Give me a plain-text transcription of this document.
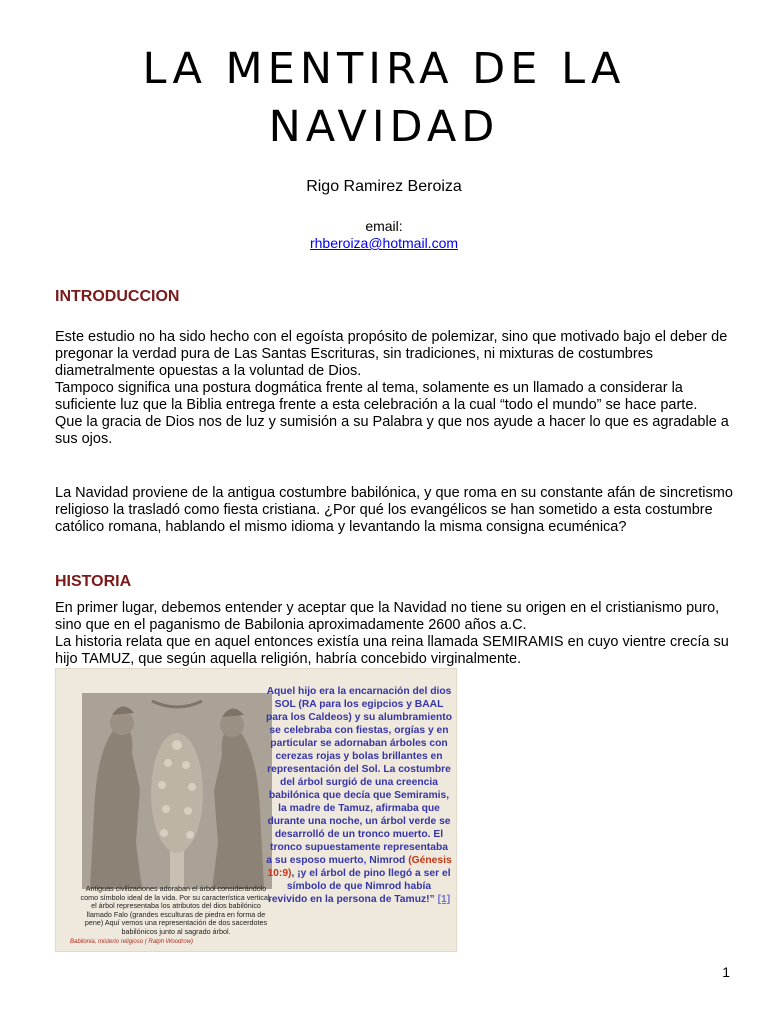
LA MENTIRA DE LA
NAVIDAD
Rigo Ramirez Beroiza
email:
rhberoiza@hotmail.com
INTRODUCCION

Este estudio no ha sido hecho con el egoísta propósito de polemizar, sino que motivado bajo el deber de pregonar la verdad pura de Las Santas Escrituras, sin tradiciones, ni mixturas de costumbres diametralmente opuestas a la voluntad de Dios.

Tampoco significa una postura dogmática frente al tema, solamente es un llamado a considerar la suficiente luz que la Biblia entrega frente a esta celebración a la cual “todo el mundo” se hace parte.

Que la gracia de Dios nos de luz y sumisión a su Palabra y que nos ayude a hacer lo que es agradable a sus ojos.

La Navidad proviene de la antigua costumbre babilónica, y que roma en su constante afán de sincretismo religioso la trasladó como fiesta cristiana. ¿Por qué los evangélicos se han sometido a esta costumbre católico romana, hablando el mismo idioma y levantando la misma consigna ecuménica?
HISTORIA

En primer lugar, debemos entender y aceptar que la Navidad no tiene su origen en el cristianismo puro, sino que en el paganismo de Babilonia aproximadamente 2600 años a.C.

La historia relata que en aquel entonces existía una reina llamada SEMIRAMIS en cuyo vientre crecía su hijo TAMUZ, que según aquella religión, habría concebido virginalmente.

Antiguas civilizaciones adoraban el árbol considerándolo como símbolo ideal de la vida. Por su característica vertical, el árbol representaba los atributos del dios babilónico llamado Falo (grandes esculturas de piedra en forma de pene) Aquí vemos una representación de dos sacerdotes babilónicos junto al sagrado árbol.
Babilonia, misterio religioso ( Ralph Woodrow)
Aquel hijo era la encarnación del dios SOL (RA para los egipcios y BAAL para los Caldeos) y su alumbramiento se celebraba con fiestas, orgías y en particular se adornaban árboles con cerezas rojas y bolas brillantes en representación del Sol. La costumbre del árbol surgió de una creencia babilónica que decía que Semiramis, la madre de Tamuz, afirmaba que durante una noche, un árbol verde se desarrolló de un tronco muerto. El tronco supuestamente representaba a su esposo muerto, Nimrod (Génesis 10:9), ¡y el árbol de pino llegó a ser el símbolo de que Nimrod había revivido en la persona de Tamuz!” [1]
1
